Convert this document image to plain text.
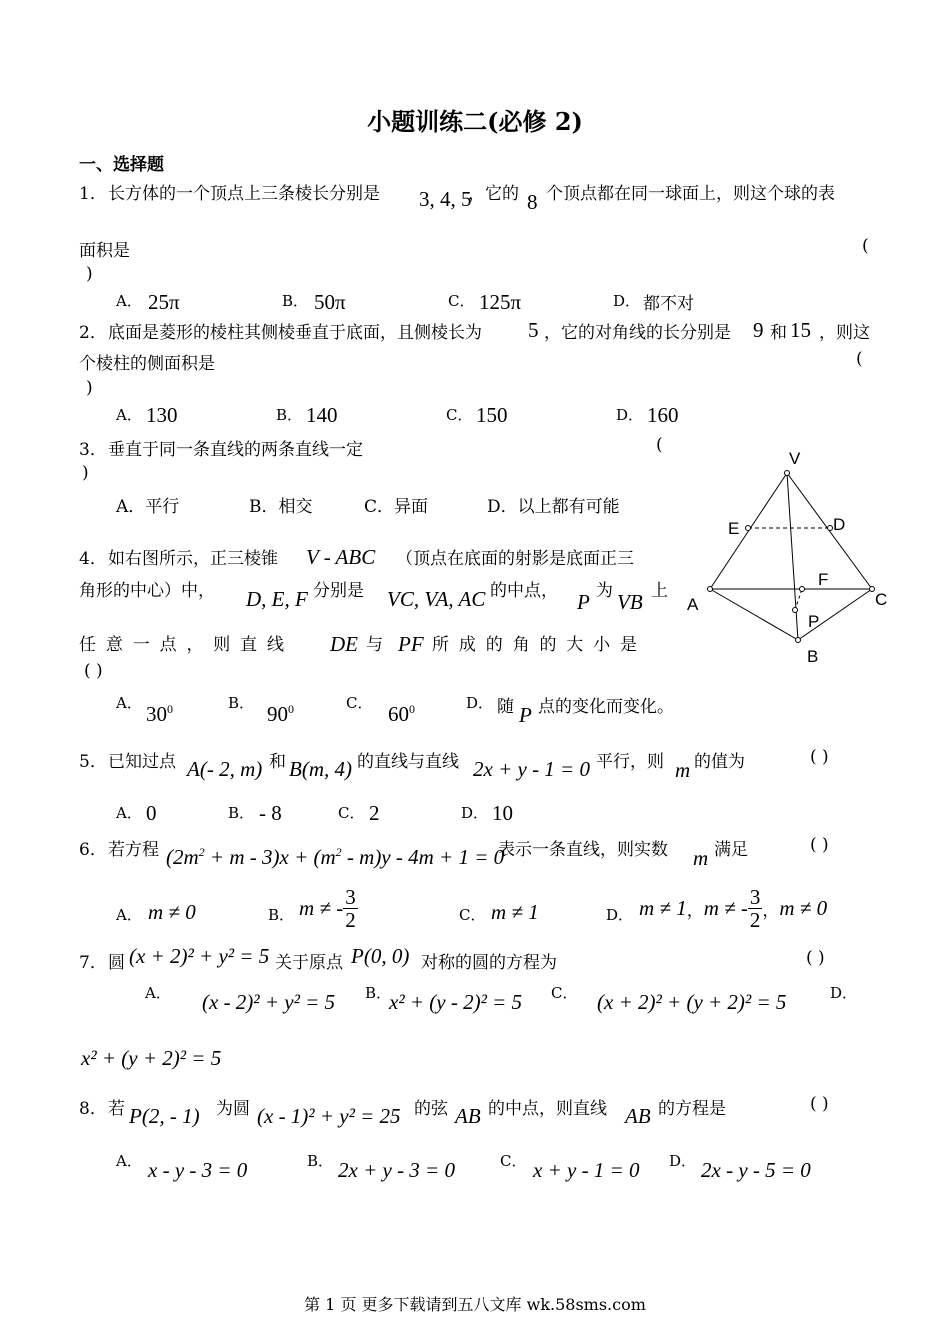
小题训练二(必修 2)
一、选择题
1． 长方体的一个顶点上三条棱长分别是 3, 4, 5
，它的 8 个顶点都在同一球面上，则这个球的表
面积是	(
)
A． 25π	B． 50π	C． 125π	D． 都不对
2． 底面是菱形的棱柱其侧棱垂直于底面，且侧棱长为 5 ，它的对角线的长分别是 9 和 15 ，则这
个棱柱的侧面积是	(
)
A． 130	B． 140	C． 150	D． 160
3． 垂直于同一条直线的两条直线一定	(
)
A．平行	B．相交	C．异面	D．以上都有可能
V
E	D
F
A	C
P
B
4． 如右图所示，正三棱锥 V - ABC （顶点在底面的射影是底面正三
角形的中心）中， D, E, F 分别是 VC, VA, AC 的中点， P 为 VB 上
任意一点，则直线 DE 与 PF 所成的角的大小是
( )
A． $30^0$	B． $90^0$	C． $60^0$	D． 随 P 点的变化而变化。
5． 已知过点 A(- 2, m) 和 B(m, 4) 的直线与直线 2x + y - 1 = 0 平行，则 m 的值为	( )
A． 0	B． - 8	C． 2	D． 10
6． 若方程 $(2m^2 + m - 3)x + (m^2 - m)y - 4m + 1 = 0$
表示一条直线，则实数 m 满足	( )
A． m ≠ 0	B． m ≠ - $\frac{3}{2}$	C． m ≠ 1	D． m ≠ 1，m ≠ - $\frac{3}{2}$ ，m ≠ 0
7． 圆 (x + 2)² + y² = 5 关于原点 P(0, 0) 对称的圆的方程为	( )
A． (x - 2)² + y² = 5 B．
x² + (y - 2)² = 5 C． (x + 2)² + (y + 2)² = 5	D．
x² + (y + 2)² = 5
8． 若 P(2, - 1) 为圆 (x - 1)² + y² = 25 的弦 AB 的中点，则直线 AB 的方程是	( )
A． x - y - 3 = 0	B． 2x + y - 3 = 0	C． x + y - 1 = 0 D． 2x - y - 5 = 0
第 1 页 更多下载请到五八文库 wk.58sms.com
